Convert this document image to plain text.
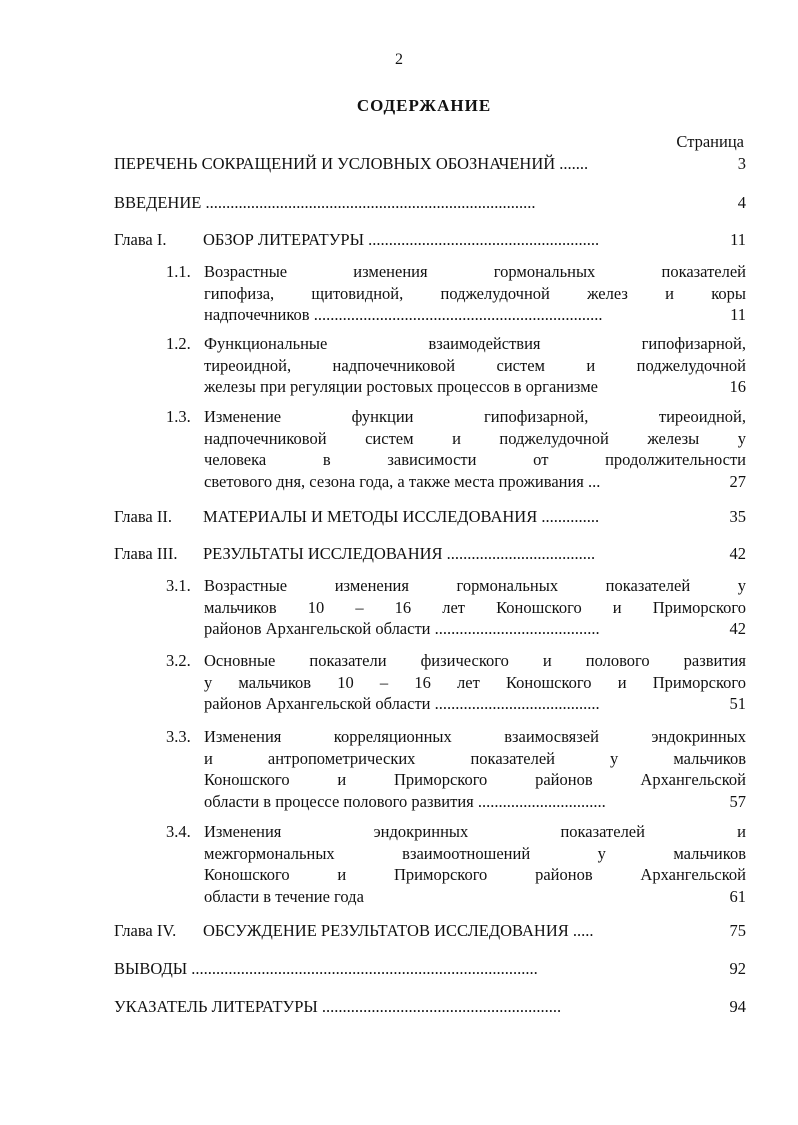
2
СОДЕРЖАНИЕ
Страница
ПЕРЕЧЕНЬ СОКРАЩЕНИЙ И УСЛОВНЫХ ОБОЗНАЧЕНИЙ .......	3
ВВЕДЕНИЕ ................................................................................	4
Глава I.	ОБЗОР ЛИТЕРАТУРЫ ........................................................	11
1.1. Возрастные изменения гормональных показателей
гипофиза, щитовидной, поджелудочной желез и коры
надпочечников ......................................................................	11
1.2. Функциональные взаимодействия гипофизарной,
тиреоидной, надпочечниковой систем и поджелудочной
железы при регуляции ростовых процессов в организме	16
1.3. Изменение функции гипофизарной, тиреоидной,
надпочечниковой систем и поджелудочной железы у
человека в зависимости от продолжительности
светового дня, сезона года, а также места проживания ...	27
Глава II.	МАТЕРИАЛЫ И МЕТОДЫ ИССЛЕДОВАНИЯ ..............	35
Глава III.	РЕЗУЛЬТАТЫ ИССЛЕДОВАНИЯ ....................................	42
3.1. Возрастные изменения гормональных показателей у
мальчиков 10 – 16 лет Коношского и Приморского
районов Архангельской области ........................................	42
3.2. Основные показатели физического и полового развития
у мальчиков 10 – 16 лет Коношского и Приморского
районов Архангельской области ........................................	51
3.3. Изменения корреляционных взаимосвязей эндокринных
и антропометрических показателей у мальчиков
Коношского и Приморского районов Архангельской
области в процессе полового развития ...............................	57
3.4. Изменения эндокринных показателей и
межгормональных взаимоотношений у мальчиков
Коношского и Приморского районов Архангельской
области в течение года	61
Глава IV.	ОБСУЖДЕНИЕ РЕЗУЛЬТАТОВ ИССЛЕДОВАНИЯ .....	75
ВЫВОДЫ ....................................................................................	92
УКАЗАТЕЛЬ ЛИТЕРАТУРЫ ..........................................................	94
